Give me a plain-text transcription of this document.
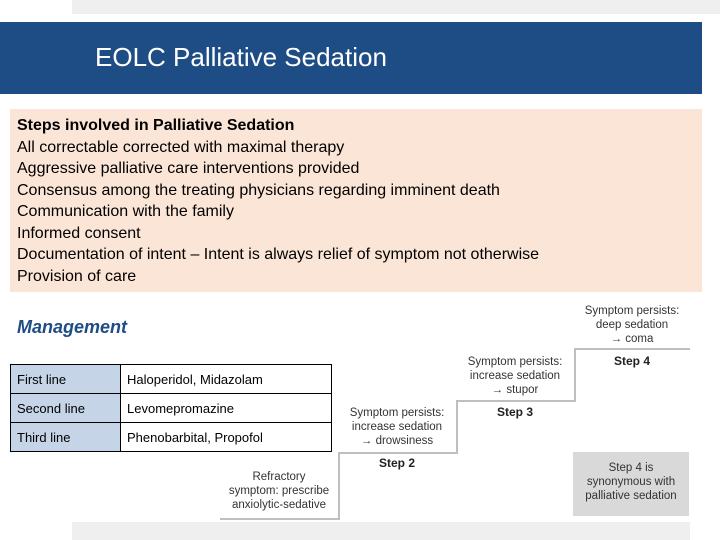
EOLC Palliative Sedation
Steps involved in Palliative Sedation
All correctable corrected with maximal therapy
Aggressive palliative care interventions provided
Consensus among the treating physicians regarding imminent death
Communication with the family
Informed consent
Documentation of intent – Intent is always relief of symptom not otherwise
Provision of care
Management
First line	Haloperidol, Midazolam
Second line	Levomepromazine
Third line	Phenobarbital, Propofol
Refractory
symptom: prescribe
anxiolytic-sedative
Symptom persists:
increase sedation
→ drowsiness
Step 2
Symptom persists:
increase sedation
→ stupor
Step 3
Symptom persists:
deep sedation
→ coma
Step 4
Step 4 is
synonymous with
palliative sedation
